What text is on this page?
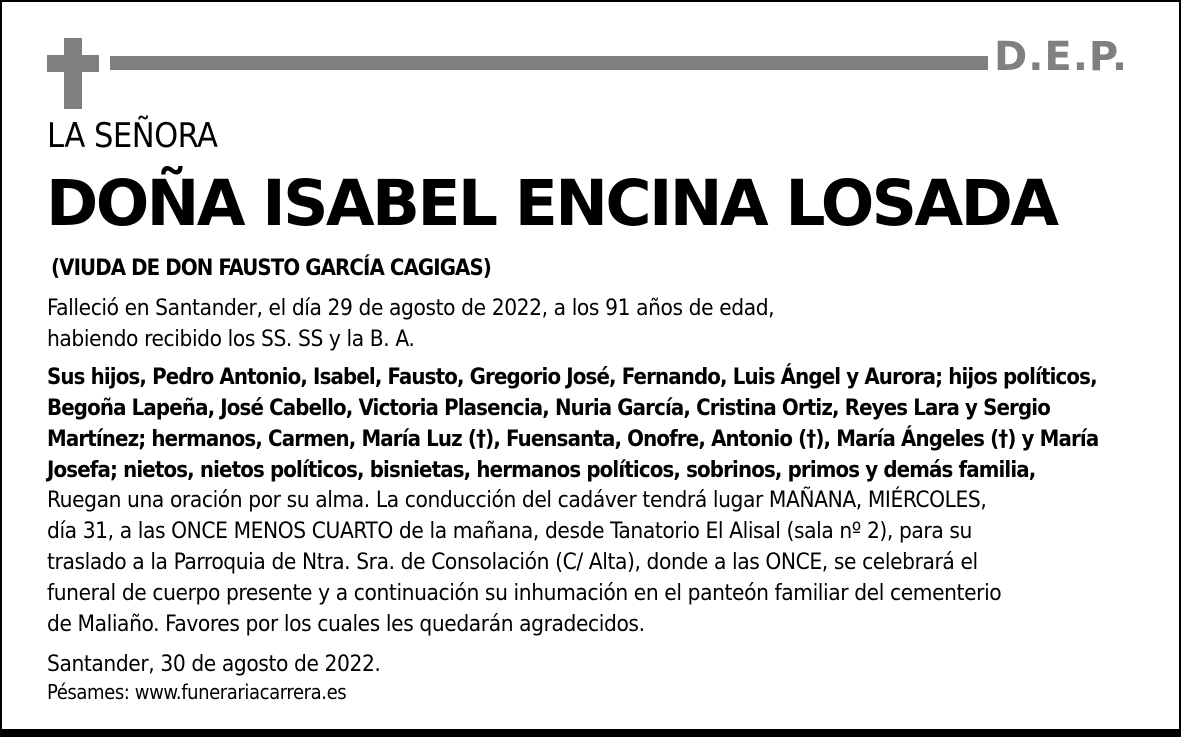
D.E.P.
LA SEÑORA
DOÑA ISABEL ENCINA LOSADA
(VIUDA DE DON FAUSTO GARCÍA CAGIGAS)
Falleció en Santander, el día 29 de agosto de 2022, a los 91 años de edad,
habiendo recibido los SS. SS y la B. A.
Sus hijos, Pedro Antonio, Isabel, Fausto, Gregorio José, Fernando, Luis Ángel y Aurora; hijos políticos,
Begoña Lapeña, José Cabello, Victoria Plasencia, Nuria García, Cristina Ortiz, Reyes Lara y Sergio
Martínez; hermanos, Carmen, María Luz (†), Fuensanta, Onofre, Antonio (†), María Ángeles (†) y María
Josefa; nietos, nietos políticos, bisnietas, hermanos políticos, sobrinos, primos y demás familia,
Ruegan una oración por su alma. La conducción del cadáver tendrá lugar MAÑANA, MIÉRCOLES,
día 31, a las ONCE MENOS CUARTO de la mañana, desde Tanatorio El Alisal (sala nº 2), para su
traslado a la Parroquia de Ntra. Sra. de Consolación (C/ Alta), donde a las ONCE, se celebrará el
funeral de cuerpo presente y a continuación su inhumación en el panteón familiar del cementerio
de Maliaño. Favores por los cuales les quedarán agradecidos.
Santander, 30 de agosto de 2022.
Pésames: www.funerariacarrera.es
